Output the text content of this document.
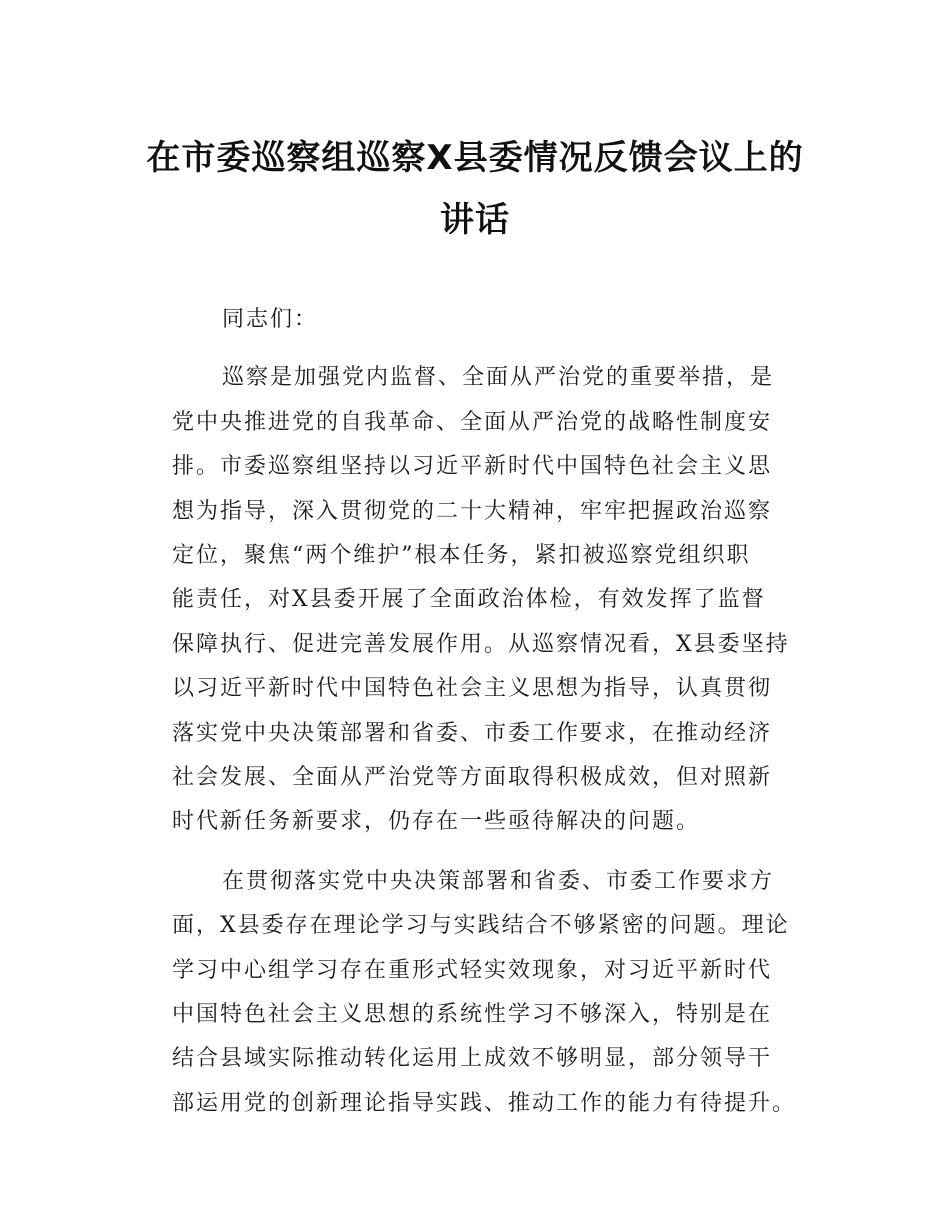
在市委巡察组巡察X县委情况反馈会议上的
讲话

同志们：

巡察是加强党内监督、全面从严治党的重要举措，是
党中央推进党的自我革命、全面从严治党的战略性制度安
排。市委巡察组坚持以习近平新时代中国特色社会主义思
想为指导，深入贯彻党的二十大精神，牢牢把握政治巡察
定位，聚焦“两个维护”根本任务，紧扣被巡察党组织职
能责任，对X县委开展了全面政治体检，有效发挥了监督
保障执行、促进完善发展作用。从巡察情况看，X县委坚持
以习近平新时代中国特色社会主义思想为指导，认真贯彻
落实党中央决策部署和省委、市委工作要求，在推动经济
社会发展、全面从严治党等方面取得积极成效，但对照新
时代新任务新要求，仍存在一些亟待解决的问题。

在贯彻落实党中央决策部署和省委、市委工作要求方
面，X县委存在理论学习与实践结合不够紧密的问题。理论
学习中心组学习存在重形式轻实效现象，对习近平新时代
中国特色社会主义思想的系统性学习不够深入，特别是在
结合县域实际推动转化运用上成效不够明显，部分领导干
部运用党的创新理论指导实践、推动工作的能力有待提升。
